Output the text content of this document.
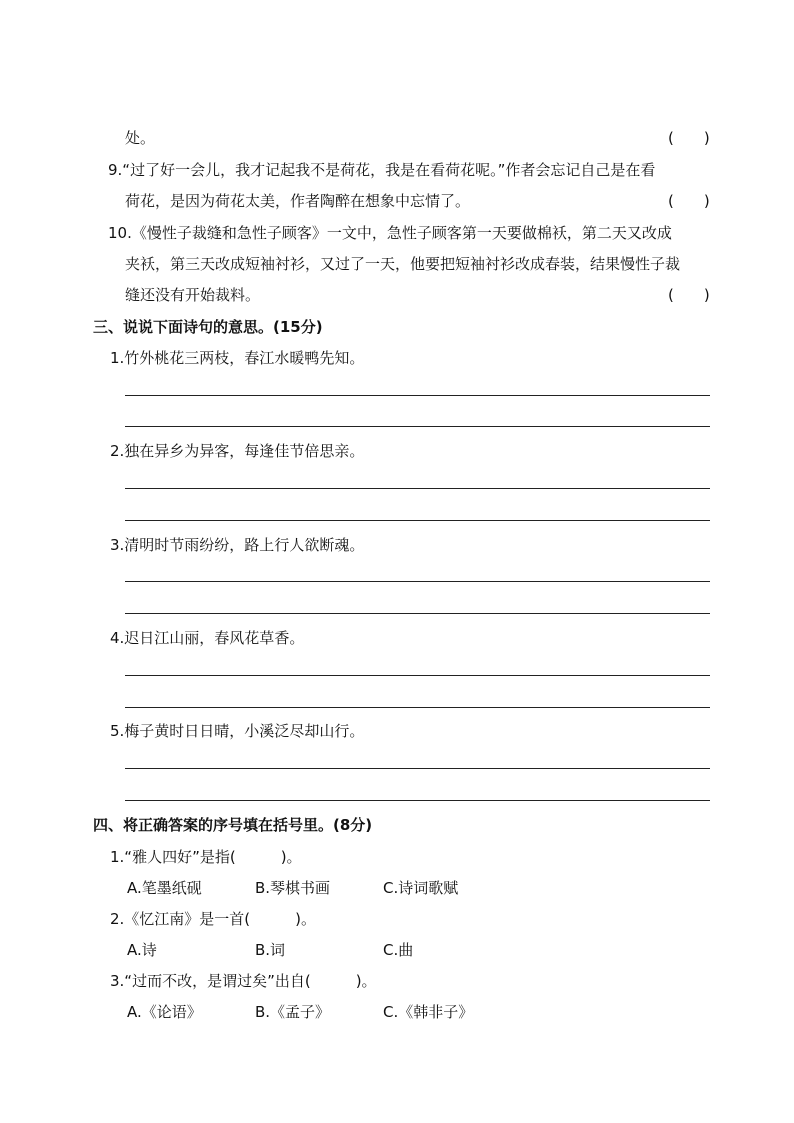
处。	(　　)
9.“过了好一会儿，我才记起我不是荷花，我是在看荷花呢。”作者会忘记自己是在看
荷花，是因为荷花太美，作者陶醉在想象中忘情了。	(　　)
10.《慢性子裁缝和急性子顾客》一文中，急性子顾客第一天要做棉袄，第二天又改成
夹袄，第三天改成短袖衬衫，又过了一天，他要把短袖衬衫改成春装，结果慢性子裁
缝还没有开始裁料。	(　　)
三、说说下面诗句的意思。(15分)
1.竹外桃花三两枝，春江水暖鸭先知。
2.独在异乡为异客，每逢佳节倍思亲。
3.清明时节雨纷纷，路上行人欲断魂。
4.迟日江山丽，春风花草香。
5.梅子黄时日日晴，小溪泛尽却山行。
四、将正确答案的序号填在括号里。(8分)
1.“雅人四好”是指(　　　)。
A.笔墨纸砚	B.琴棋书画	C.诗词歌赋
2.《忆江南》是一首(　　　)。
A.诗	B.词	C.曲
3.“过而不改，是谓过矣”出自(　　　)。
A.《论语》	B.《孟子》	C.《韩非子》
